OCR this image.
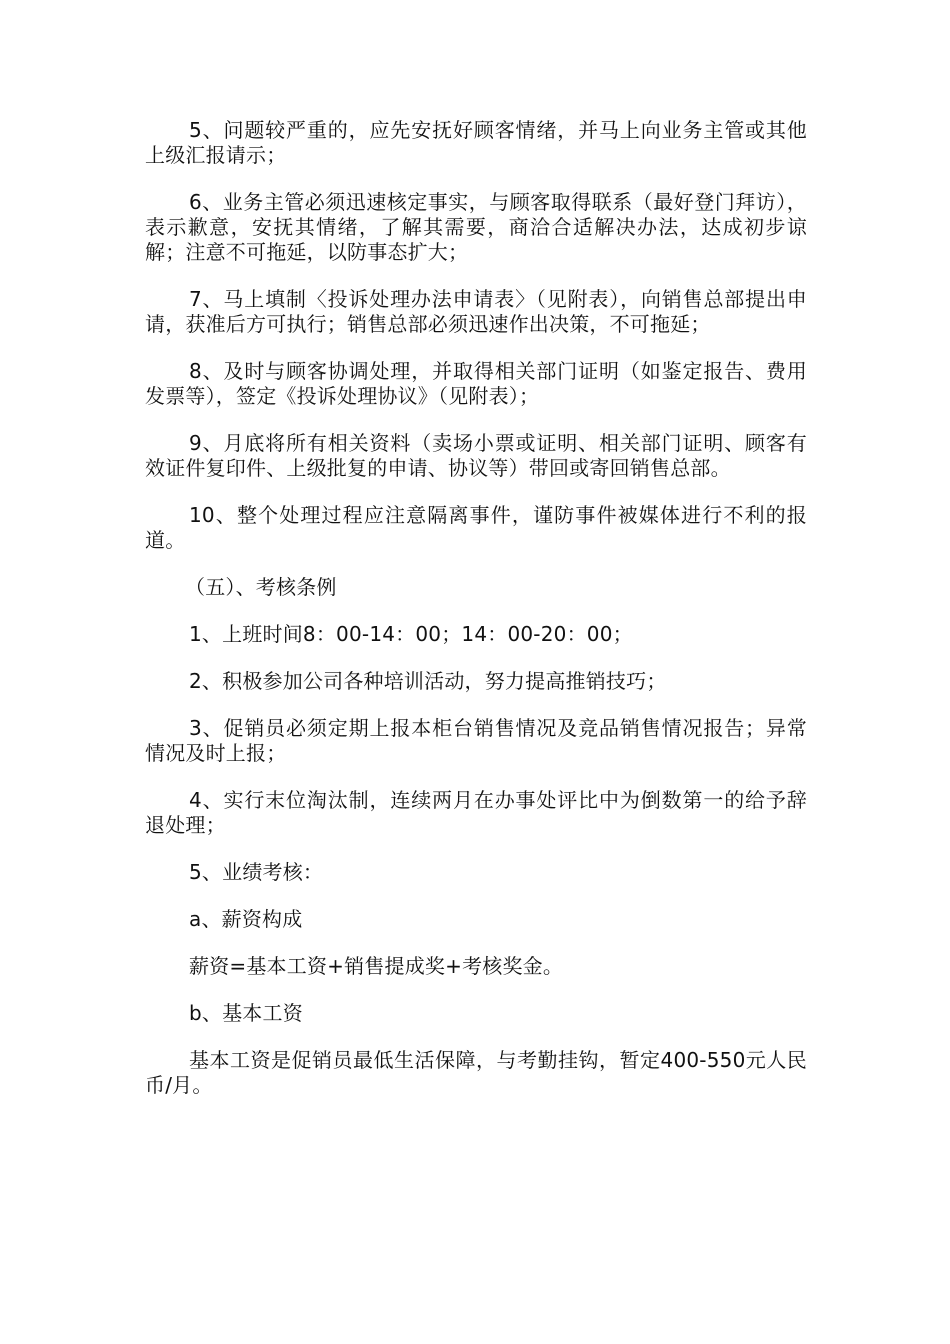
5、问题较严重的，应先安抚好顾客情绪，并马上向业务主管或其他上级汇报请示；

6、业务主管必须迅速核定事实，与顾客取得联系（最好登门拜访），表示歉意，安抚其情绪，了解其需要，商洽合适解决办法，达成初步谅解；注意不可拖延，以防事态扩大；

7、马上填制〈投诉处理办法申请表〉（见附表），向销售总部提出申请，获准后方可执行；销售总部必须迅速作出决策，不可拖延；

8、及时与顾客协调处理，并取得相关部门证明（如鉴定报告、费用发票等），签定《投诉处理协议》（见附表）；

9、月底将所有相关资料（卖场小票或证明、相关部门证明、顾客有效证件复印件、上级批复的申请、协议等）带回或寄回销售总部。

10、整个处理过程应注意隔离事件，谨防事件被媒体进行不利的报道。

（五）、考核条例

1、上班时间8：00-14：00；14：00-20：00；

2、积极参加公司各种培训活动，努力提高推销技巧；

3、促销员必须定期上报本柜台销售情况及竞品销售情况报告；异常情况及时上报；

4、实行末位淘汰制，连续两月在办事处评比中为倒数第一的给予辞退处理；

5、业绩考核：

a、薪资构成

薪资=基本工资+销售提成奖+考核奖金。

b、基本工资

基本工资是促销员最低生活保障，与考勤挂钩，暂定400-550元人民币/月。
